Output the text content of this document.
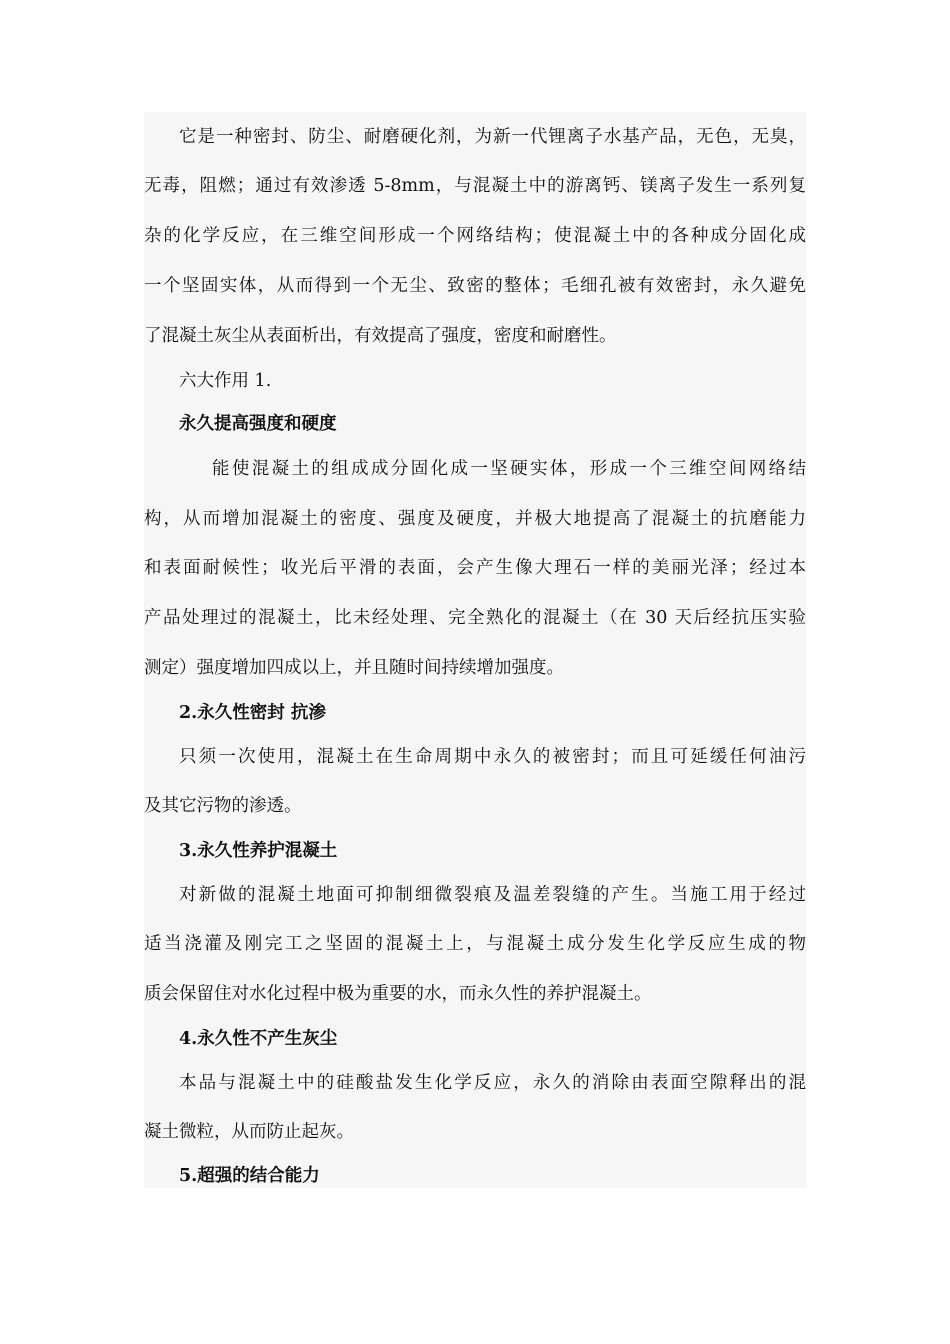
它是一种密封、防尘、耐磨硬化剂，为新一代锂离子水基产品，无色，无臭，
无毒，阻燃；通过有效渗透 5-8mm，与混凝土中的游离钙、镁离子发生一系列复
杂的化学反应，在三维空间形成一个网络结构；使混凝土中的各种成分固化成
一个坚固实体，从而得到一个无尘、致密的整体；毛细孔被有效密封，永久避免
了混凝土灰尘从表面析出，有效提高了强度，密度和耐磨性。
六大作用 1.
永久提高强度和硬度
能使混凝土的组成成分固化成一坚硬实体，形成一个三维空间网络结
构，从而增加混凝土的密度、强度及硬度，并极大地提高了混凝土的抗磨能力
和表面耐候性；收光后平滑的表面，会产生像大理石一样的美丽光泽；经过本
产品处理过的混凝土，比未经处理、完全熟化的混凝土（在 30 天后经抗压实验
测定）强度增加四成以上，并且随时间持续增加强度。
2.永久性密封 抗渗
只须一次使用，混凝土在生命周期中永久的被密封；而且可延缓任何油污
及其它污物的渗透。
3.永久性养护混凝土
对新做的混凝土地面可抑制细微裂痕及温差裂缝的产生。当施工用于经过
适当浇灌及刚完工之坚固的混凝土上，与混凝土成分发生化学反应生成的物
质会保留住对水化过程中极为重要的水，而永久性的养护混凝土。
4.永久性不产生灰尘
本品与混凝土中的硅酸盐发生化学反应，永久的消除由表面空隙释出的混
凝土微粒，从而防止起灰。
5.超强的结合能力
